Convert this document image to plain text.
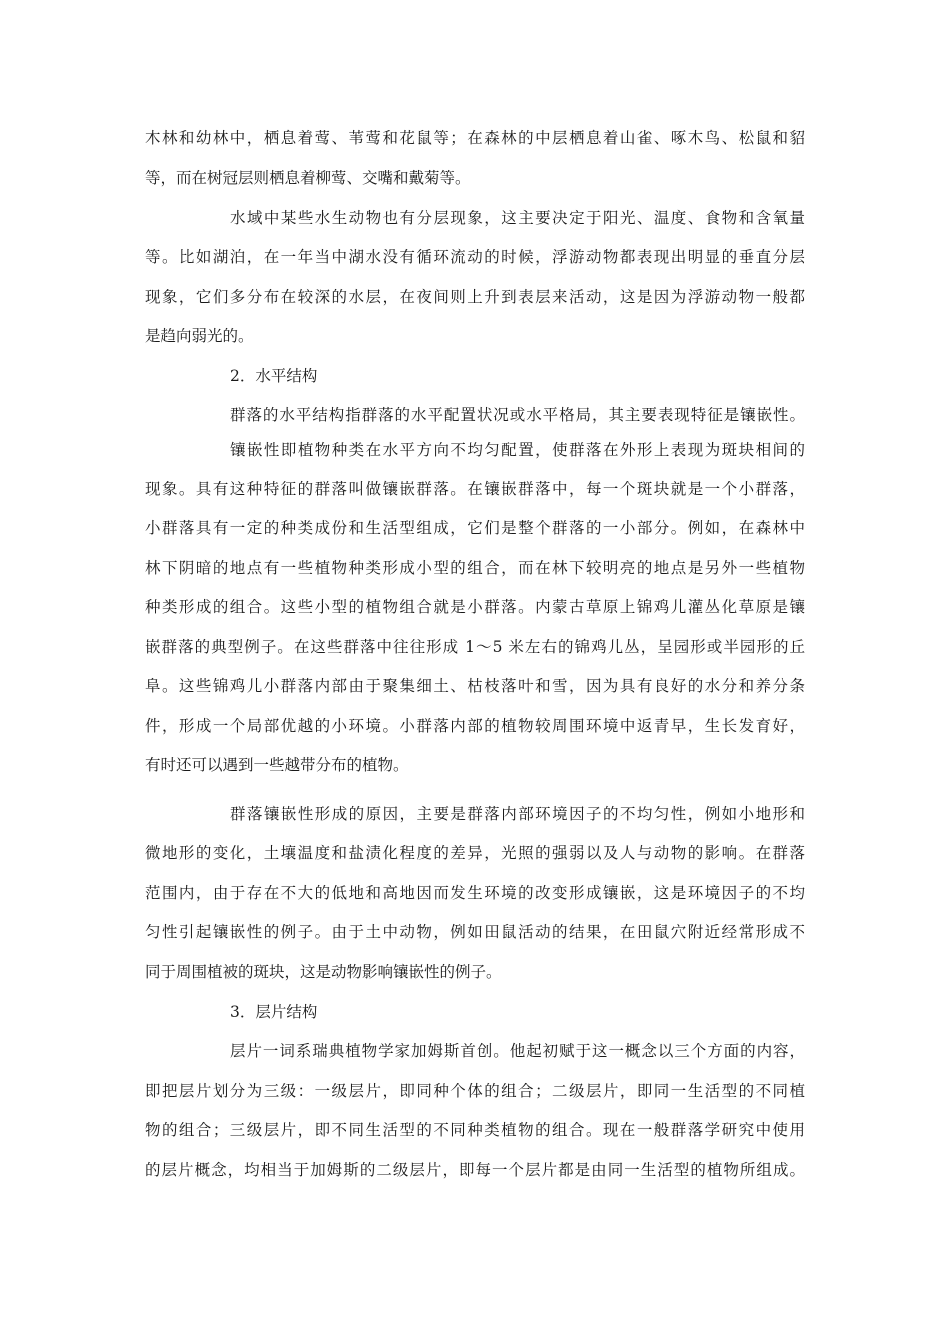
木林和幼林中，栖息着莺、苇莺和花鼠等；在森林的中层栖息着山雀、啄木鸟、松鼠和貂
等，而在树冠层则栖息着柳莺、交嘴和戴菊等。
水域中某些水生动物也有分层现象，这主要决定于阳光、温度、食物和含氧量
等。比如湖泊，在一年当中湖水没有循环流动的时候，浮游动物都表现出明显的垂直分层
现象，它们多分布在较深的水层，在夜间则上升到表层来活动，这是因为浮游动物一般都
是趋向弱光的。
2．水平结构
群落的水平结构指群落的水平配置状况或水平格局，其主要表现特征是镶嵌性。
镶嵌性即植物种类在水平方向不均匀配置，使群落在外形上表现为斑块相间的
现象。具有这种特征的群落叫做镶嵌群落。在镶嵌群落中，每一个斑块就是一个小群落，
小群落具有一定的种类成份和生活型组成，它们是整个群落的一小部分。例如，在森林中
林下阴暗的地点有一些植物种类形成小型的组合，而在林下较明亮的地点是另外一些植物
种类形成的组合。这些小型的植物组合就是小群落。内蒙古草原上锦鸡儿灌丛化草原是镶
嵌群落的典型例子。在这些群落中往往形成 1～5 米左右的锦鸡儿丛，呈园形或半园形的丘
阜。这些锦鸡儿小群落内部由于聚集细土、枯枝落叶和雪，因为具有良好的水分和养分条
件，形成一个局部优越的小环境。小群落内部的植物较周围环境中返青早，生长发育好，
有时还可以遇到一些越带分布的植物。
群落镶嵌性形成的原因，主要是群落内部环境因子的不均匀性，例如小地形和
微地形的变化，土壤温度和盐渍化程度的差异，光照的强弱以及人与动物的影响。在群落
范围内，由于存在不大的低地和高地因而发生环境的改变形成镶嵌，这是环境因子的不均
匀性引起镶嵌性的例子。由于土中动物，例如田鼠活动的结果，在田鼠穴附近经常形成不
同于周围植被的斑块，这是动物影响镶嵌性的例子。
3．层片结构
层片一词系瑞典植物学家加姆斯首创。他起初赋于这一概念以三个方面的内容，
即把层片划分为三级：一级层片，即同种个体的组合；二级层片，即同一生活型的不同植
物的组合；三级层片，即不同生活型的不同种类植物的组合。现在一般群落学研究中使用
的层片概念，均相当于加姆斯的二级层片，即每一个层片都是由同一生活型的植物所组成。
